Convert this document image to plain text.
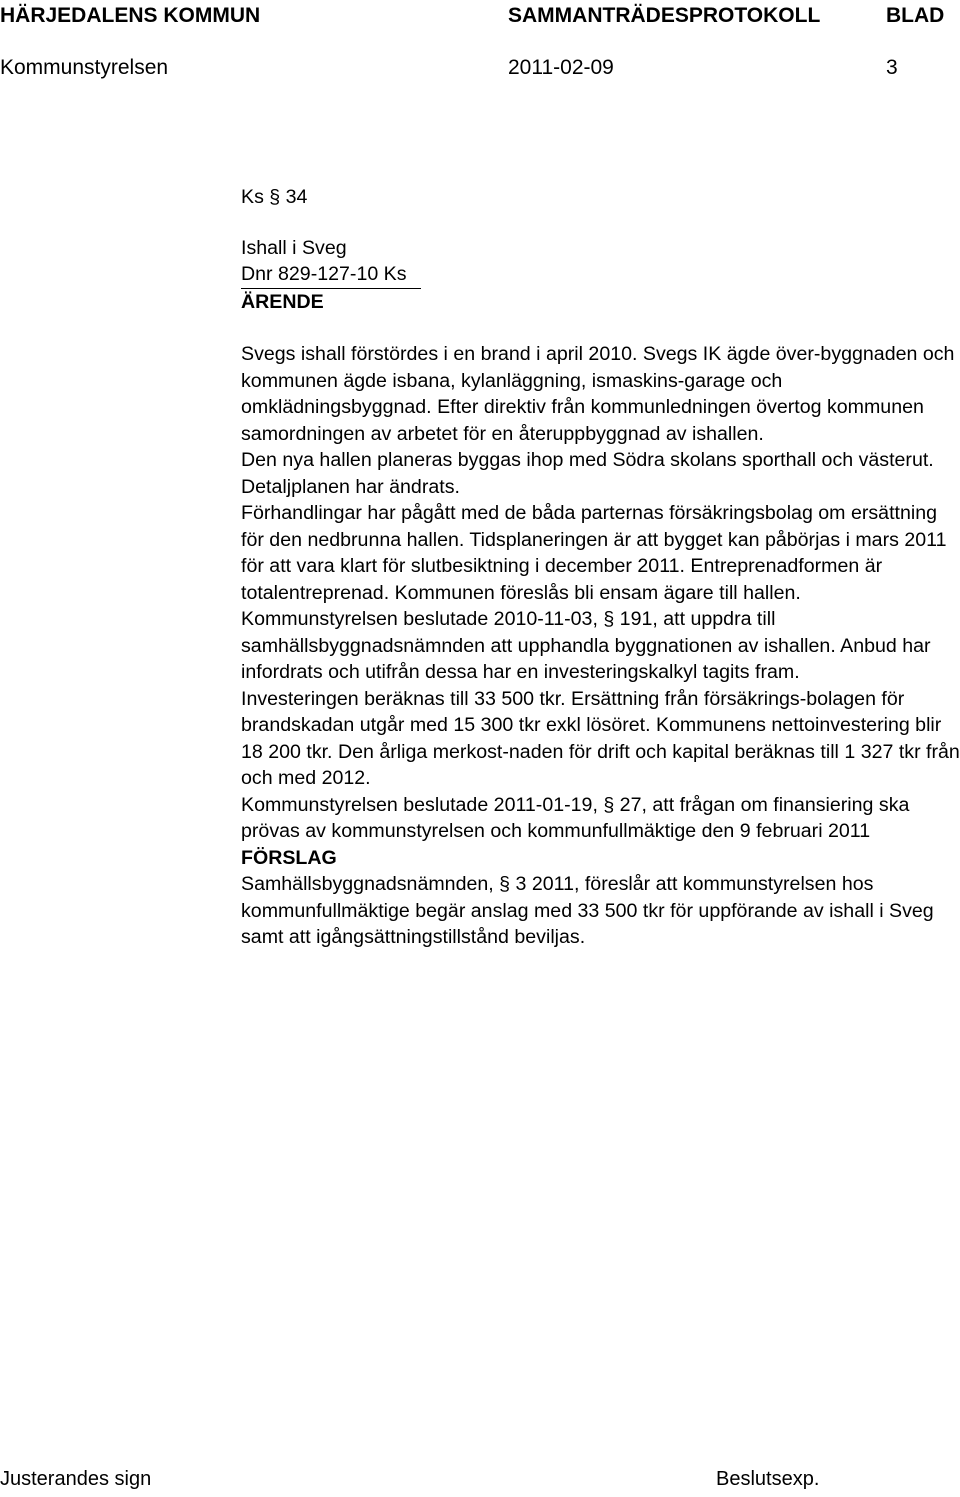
HÄRJEDALENS KOMMUN	SAMMANTRÄDESPROTOKOLL	BLAD
Kommunstyrelsen	2011-02-09	3

Ks § 34

Ishall i Sveg

Dnr 829-127-10 Ks

ÄRENDE

Svegs ishall förstördes i en brand i april 2010. Svegs IK ägde över-byggnaden och kommunen ägde isbana, kylanläggning, ismaskins-garage och omklädningsbyggnad. Efter direktiv från kommunledningen övertog kommunen samordningen av arbetet för en återuppbyggnad av ishallen.

Den nya hallen planeras byggas ihop med Södra skolans sporthall och västerut. Detaljplanen har ändrats.

Förhandlingar har pågått med de båda parternas försäkringsbolag om ersättning för den nedbrunna hallen. Tidsplaneringen är att bygget kan påbörjas i mars 2011 för att vara klart för slutbesiktning i december 2011. Entreprenadformen är totalentreprenad. Kommunen föreslås bli ensam ägare till hallen.

Kommunstyrelsen beslutade 2010-11-03, § 191, att uppdra till samhällsbyggnadsnämnden att upphandla byggnationen av ishallen. Anbud har infordrats och utifrån dessa har en investeringskalkyl tagits fram.

Investeringen beräknas till 33 500 tkr. Ersättning från försäkrings-bolagen för brandskadan utgår med 15 300 tkr exkl lösöret. Kommunens nettoinvestering blir 18 200 tkr. Den årliga merkost-naden för drift och kapital beräknas till 1 327 tkr från och med 2012.

Kommunstyrelsen beslutade 2011-01-19, § 27, att frågan om finansiering ska prövas av kommunstyrelsen och kommunfullmäktige den 9 februari 2011

FÖRSLAG

Samhällsbyggnadsnämnden, § 3 2011, föreslår att kommunstyrelsen hos kommunfullmäktige begär anslag med 33 500 tkr för uppförande av ishall i Sveg samt att igångsättningstillstånd beviljas.

Justerandes sign	Beslutsexp.
